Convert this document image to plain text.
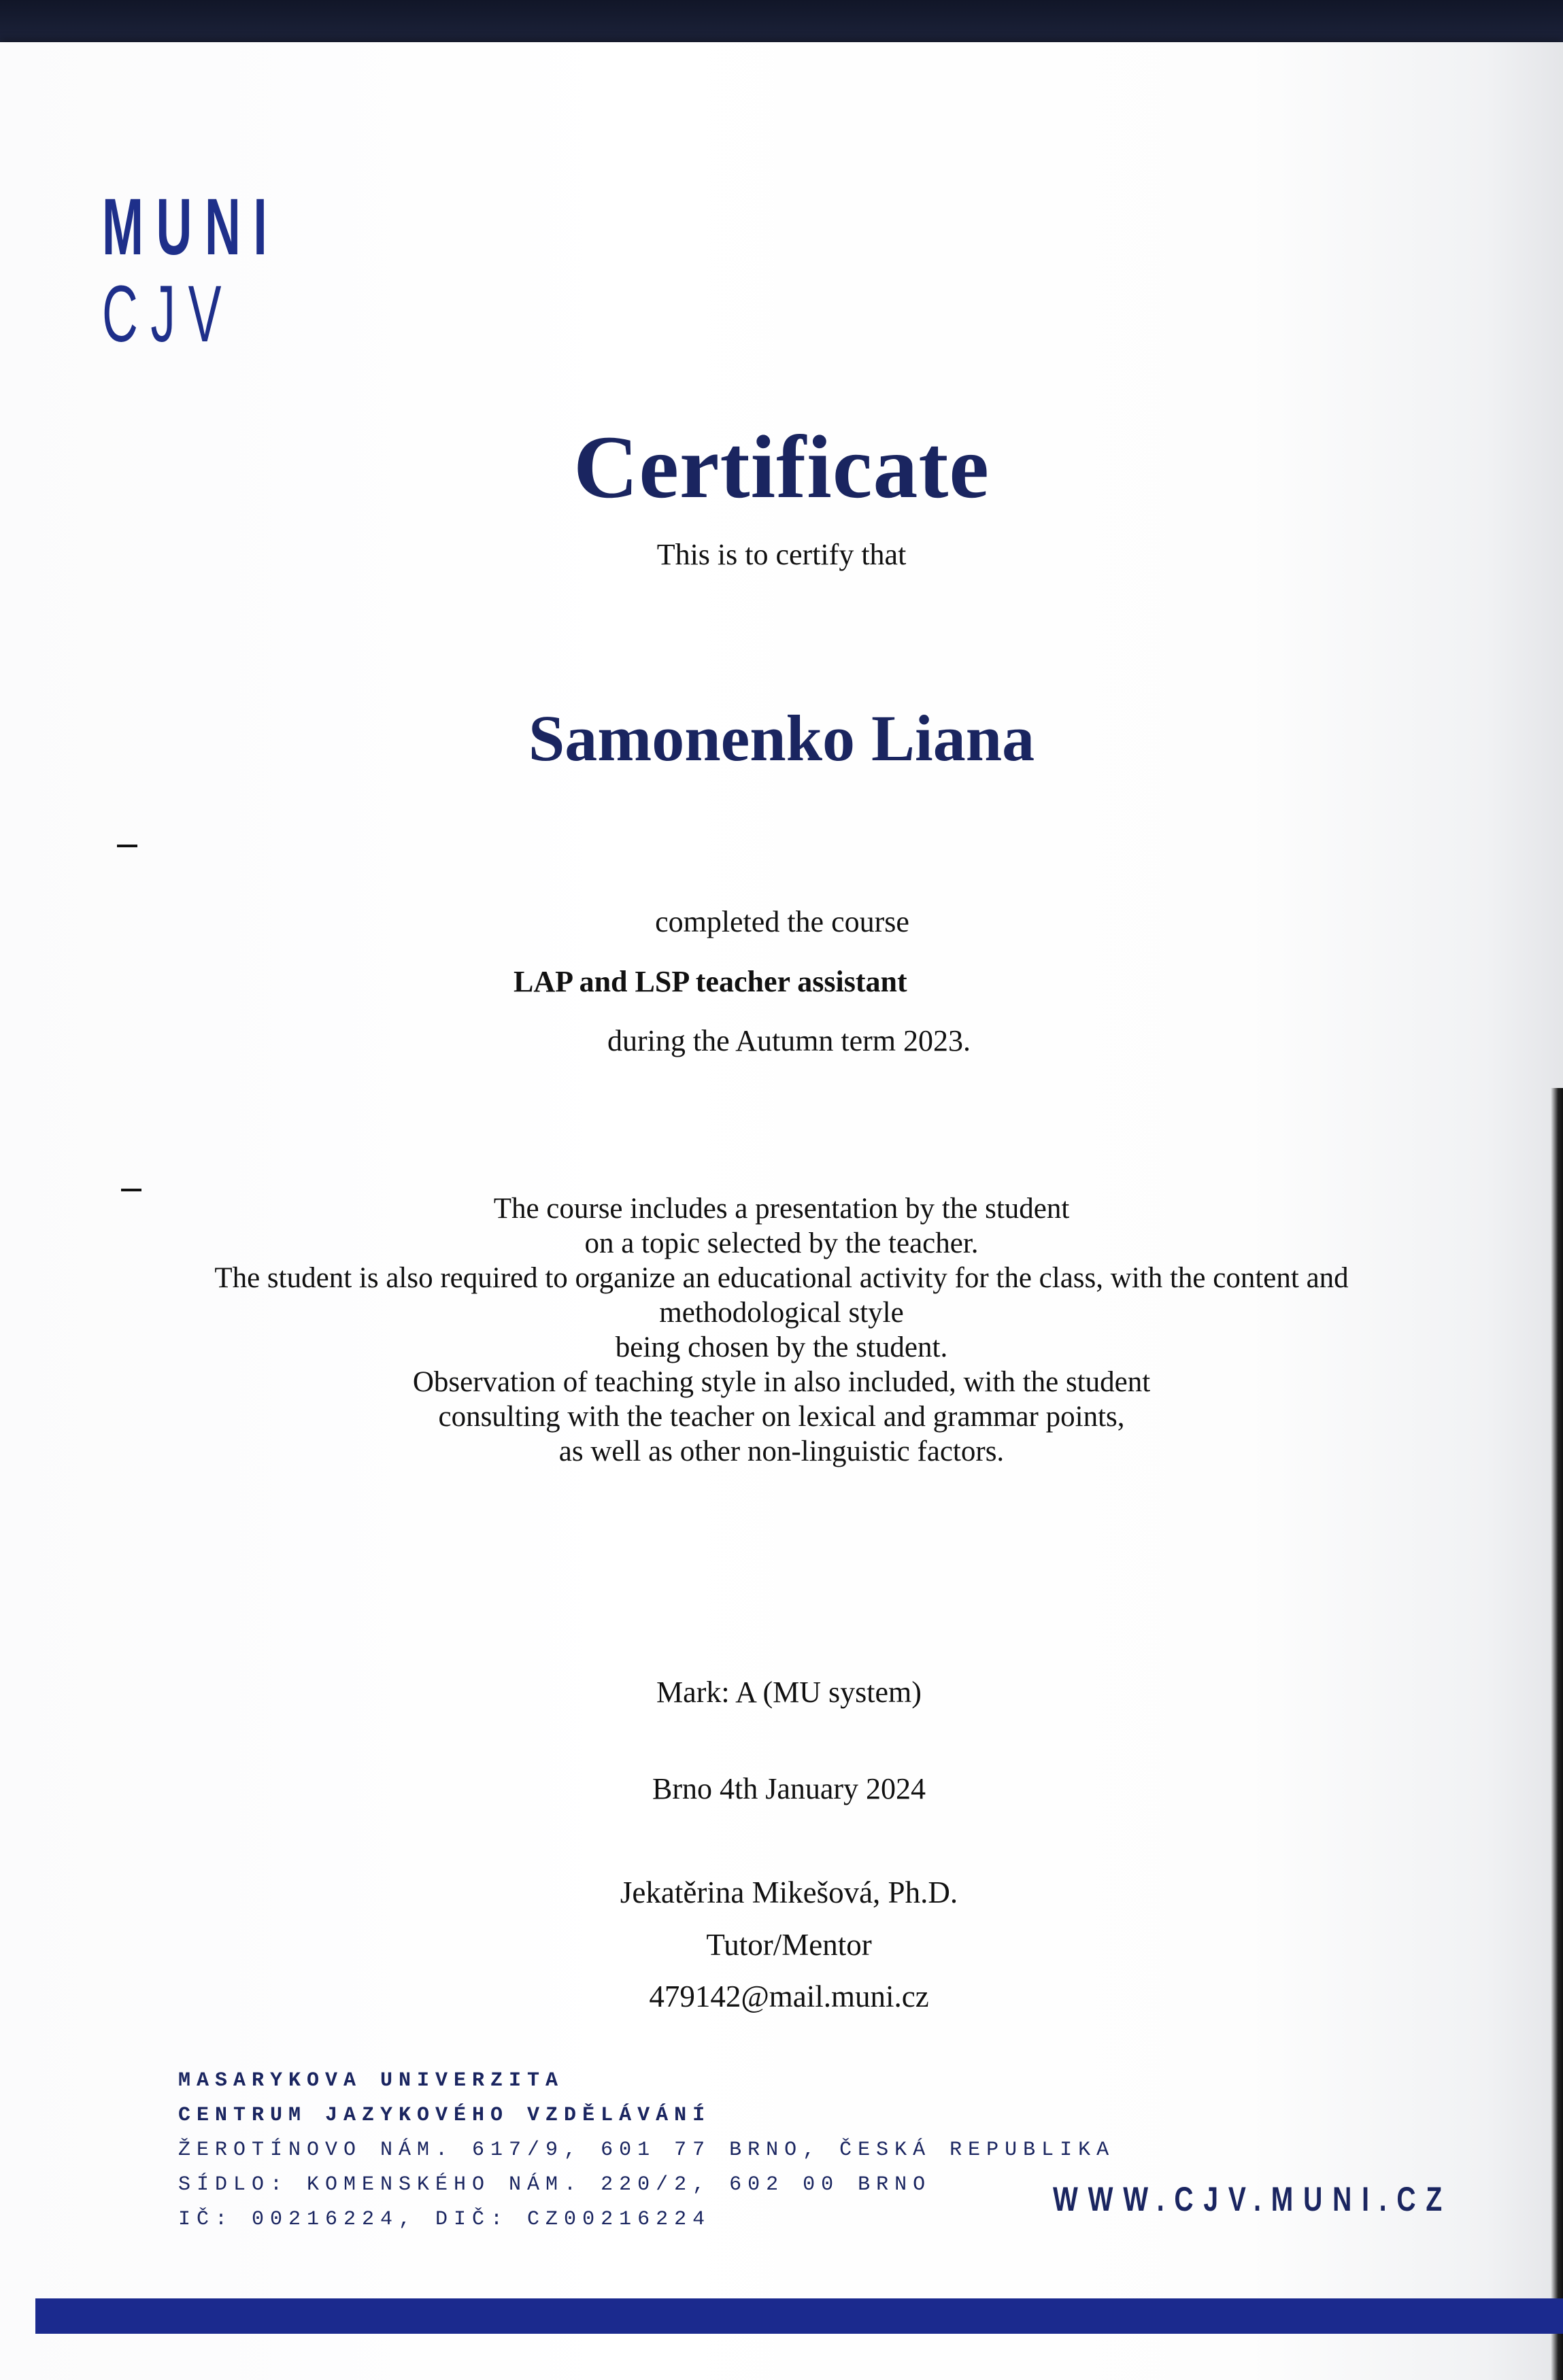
MUNI
CJV
Certificate
This is to certify that
Samonenko Liana
completed the course
LAP and LSP teacher assistant
during the Autumn term 2023.
The course includes a presentation by the student
on a topic selected by the teacher.
The student is also required to organize an educational activity for the class, with the content and
methodological style
being chosen by the student.
Observation of teaching style in also included, with the student
consulting with the teacher on lexical and grammar points,
as well as other non-linguistic factors.
Mark: A (MU system)
Brno 4th January 2024
Jekatěrina Mikešová, Ph.D.
Tutor/Mentor
479142@mail.muni.cz
MASARYKOVA UNIVERZITA
CENTRUM JAZYKOVÉHO VZDĚLÁVÁNÍ
ŽEROTÍNOVO NÁM. 617/9, 601 77 BRNO, ČESKÁ REPUBLIKA
SÍDLO: KOMENSKÉHO NÁM. 220/2, 602 00 BRNO
IČ: 00216224, DIČ: CZ00216224
WWW.CJV.MUNI.CZ
